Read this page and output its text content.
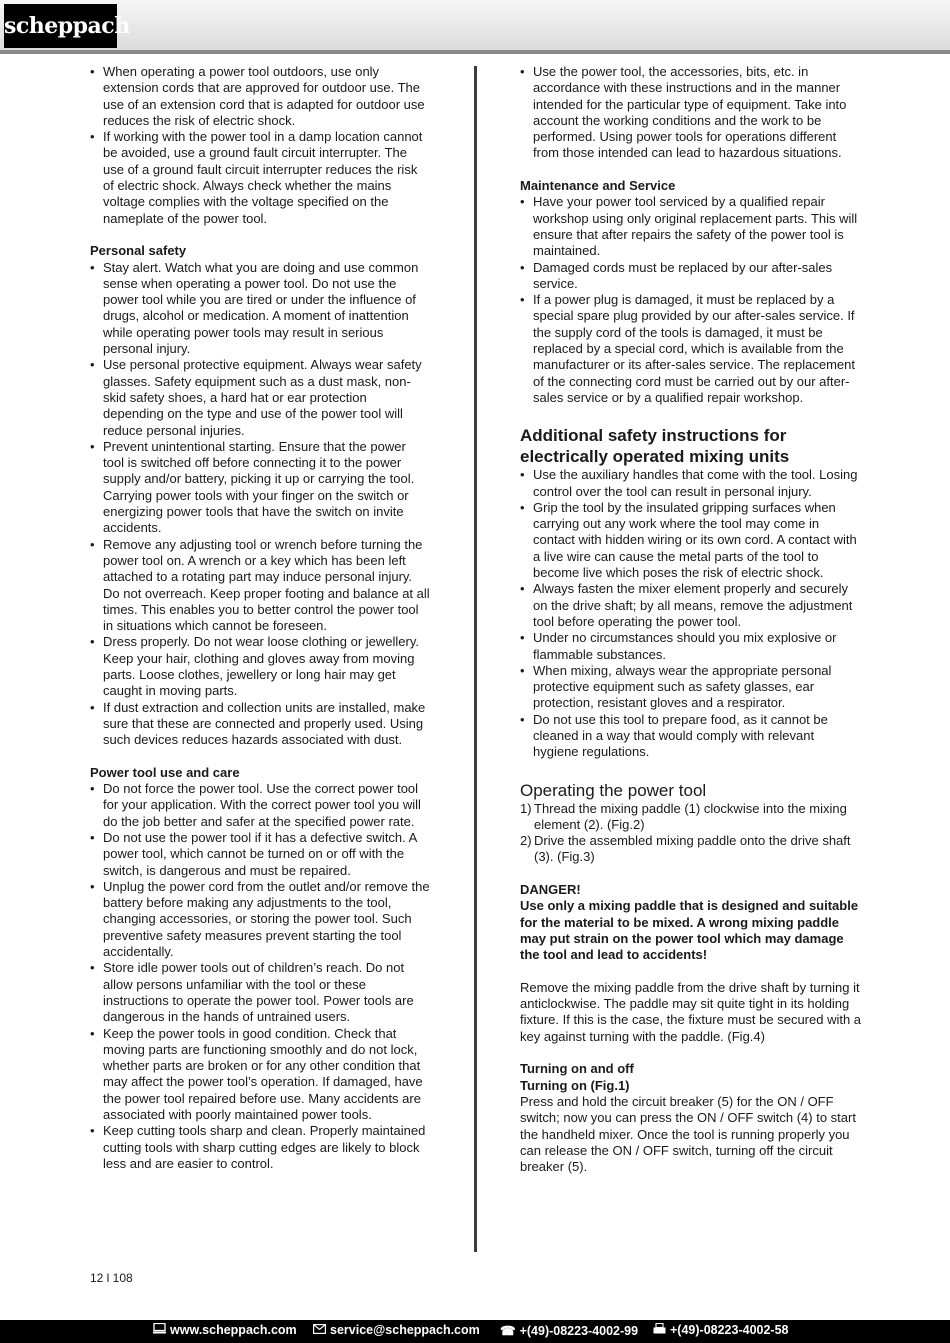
scheppach
• When operating a power tool outdoors, use only extension cords that are approved for outdoor use. The use of an extension cord that is adapted for outdoor use reduces the risk of electric shock.
• If working with the power tool in a damp location cannot be avoided, use a ground fault circuit interrupter. The use of a ground fault circuit interrupter reduces the risk of electric shock. Always check whether the mains voltage complies with the voltage specified on the nameplate of the power tool.

Personal safety

• Stay alert. Watch what you are doing and use common sense when operating a power tool. Do not use the power tool while you are tired or under the influence of drugs, alcohol or medication. A moment of inattention while operating power tools may result in serious personal injury.
• Use personal protective equipment. Always wear safety glasses. Safety equipment such as a dust mask, non-skid safety shoes, a hard hat or ear protection depending on the type and use of the power tool will reduce personal injuries.
• Prevent unintentional starting. Ensure that the power tool is switched off before connecting it to the power supply and/or battery, picking it up or carrying the tool. Carrying power tools with your finger on the switch or energizing power tools that have the switch on invite accidents.
• Remove any adjusting tool or wrench before turning the power tool on. A wrench or a key which has been left attached to a rotating part may induce personal injury. Do not overreach. Keep proper footing and balance at all times. This enables you to better control the power tool in situations which cannot be foreseen.
• Dress properly. Do not wear loose clothing or jewellery. Keep your hair, clothing and gloves away from moving parts. Loose clothes, jewellery or long hair may get caught in moving parts.
• If dust extraction and collection units are installed, make sure that these are connected and properly used. Using such devices reduces hazards associated with dust.

Power tool use and care

• Do not force the power tool. Use the correct power tool for your application. With the correct power tool you will do the job better and safer at the specified power rate.
• Do not use the power tool if it has a defective switch. A power tool, which cannot be turned on or off with the switch, is dangerous and must be repaired.
• Unplug the power cord from the outlet and/or remove the battery before making any adjustments to the tool, changing accessories, or storing the power tool. Such preventive safety measures prevent starting the tool accidentally.
• Store idle power tools out of children’s reach. Do not allow persons unfamiliar with the tool or these instructions to operate the power tool. Power tools are dangerous in the hands of untrained users.
• Keep the power tools in good condition. Check that moving parts are functioning smoothly and do not lock, whether parts are broken or for any other condition that may affect the power tool’s operation. If damaged, have the power tool repaired before use. Many accidents are associated with poorly maintained power tools.
• Keep cutting tools sharp and clean. Properly maintained cutting tools with sharp cutting edges are likely to block less and are easier to control.
• Use the power tool, the accessories, bits, etc. in accordance with these instructions and in the manner intended for the particular type of equipment. Take into account the working conditions and the work to be performed. Using power tools for operations different from those intended can lead to hazardous situations.

Maintenance and Service

• Have your power tool serviced by a qualified repair workshop using only original replacement parts. This will ensure that after repairs the safety of the power tool is maintained.
• Damaged cords must be replaced by our after-sales service.
• If a power plug is damaged, it must be replaced by a special spare plug provided by our after-sales service. If the supply cord of the tools is damaged, it must be replaced by a special cord, which is available from the manufacturer or its after-sales service. The replacement of the connecting cord must be carried out by our after-sales service or by a qualified repair workshop.
Additional safety instructions for electrically operated mixing units
• Use the auxiliary handles that come with the tool. Losing control over the tool can result in personal injury.
• Grip the tool by the insulated gripping surfaces when carrying out any work where the tool may come in contact with hidden wiring or its own cord. A contact with a live wire can cause the metal parts of the tool to become live which poses the risk of electric shock.
• Always fasten the mixer element properly and securely on the drive shaft; by all means, remove the adjustment tool before operating the power tool.
• Under no circumstances should you mix explosive or flammable substances.
• When mixing, always wear the appropriate personal protective equipment such as safety glasses, ear protection, resistant gloves and a respirator.
• Do not use this tool to prepare food, as it cannot be cleaned in a way that would comply with relevant hygiene regulations.
Operating the power tool
1) Thread the mixing paddle (1) clockwise into the mixing element (2). (Fig.2)
2) Drive the assembled mixing paddle onto the drive shaft (3). (Fig.3)

DANGER!

Use only a mixing paddle that is designed and suitable for the material to be mixed. A wrong mixing paddle may put strain on the power tool which may damage the tool and lead to accidents!

Remove the mixing paddle from the drive shaft by turning it anticlockwise. The paddle may sit quite tight in its holding fixture. If this is the case, the fixture must be secured with a key against turning with the paddle. (Fig.4)

Turning on and off

Turning on (Fig.1)

Press and hold the circuit breaker (5) for the ON / OFF switch; now you can press the ON / OFF switch (4) to start the handheld mixer. Once the tool is running properly you can release the ON / OFF switch, turning off the circuit breaker (5).

12 l 108
www.scheppach.com	service@scheppach.com ☎ +(49)-08223-4002-99	+(49)-08223-4002-58
